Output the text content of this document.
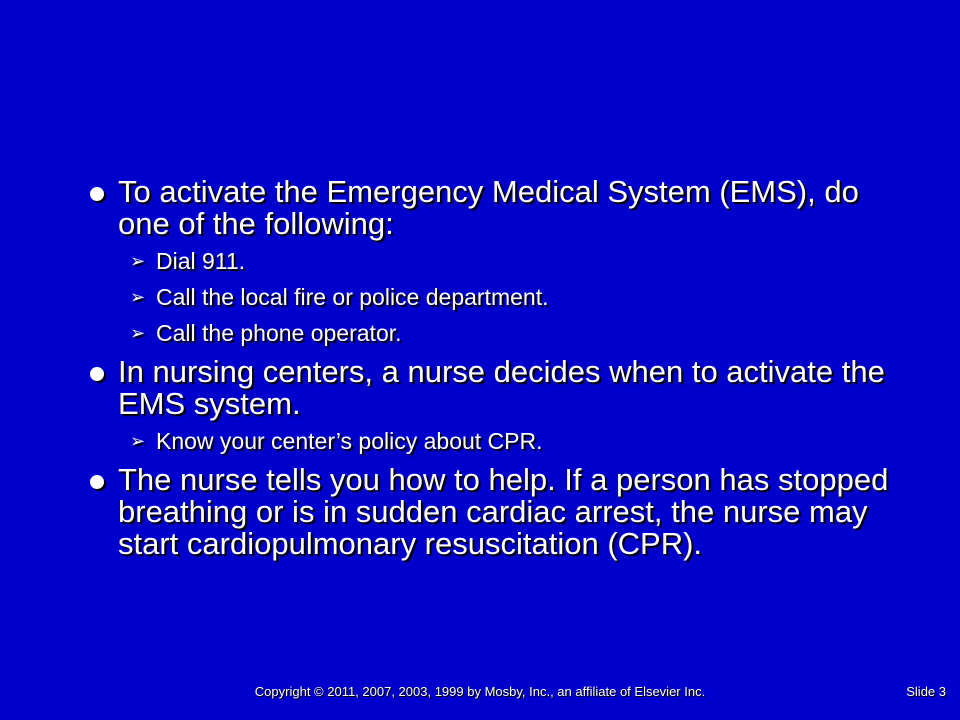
To activate the Emergency Medical System (EMS), do one of the following:
➢ Dial 911.
➢ Call the local fire or police department.
➢ Call the phone operator.
In nursing centers, a nurse decides when to activate the EMS system.
➢ Know your center’s policy about CPR.
The nurse tells you how to help. If a person has stopped breathing or is in sudden cardiac arrest, the nurse may start cardiopulmonary resuscitation (CPR).
Copyright © 2011, 2007, 2003, 1999 by Mosby, Inc., an affiliate of Elsevier Inc.	Slide 3
